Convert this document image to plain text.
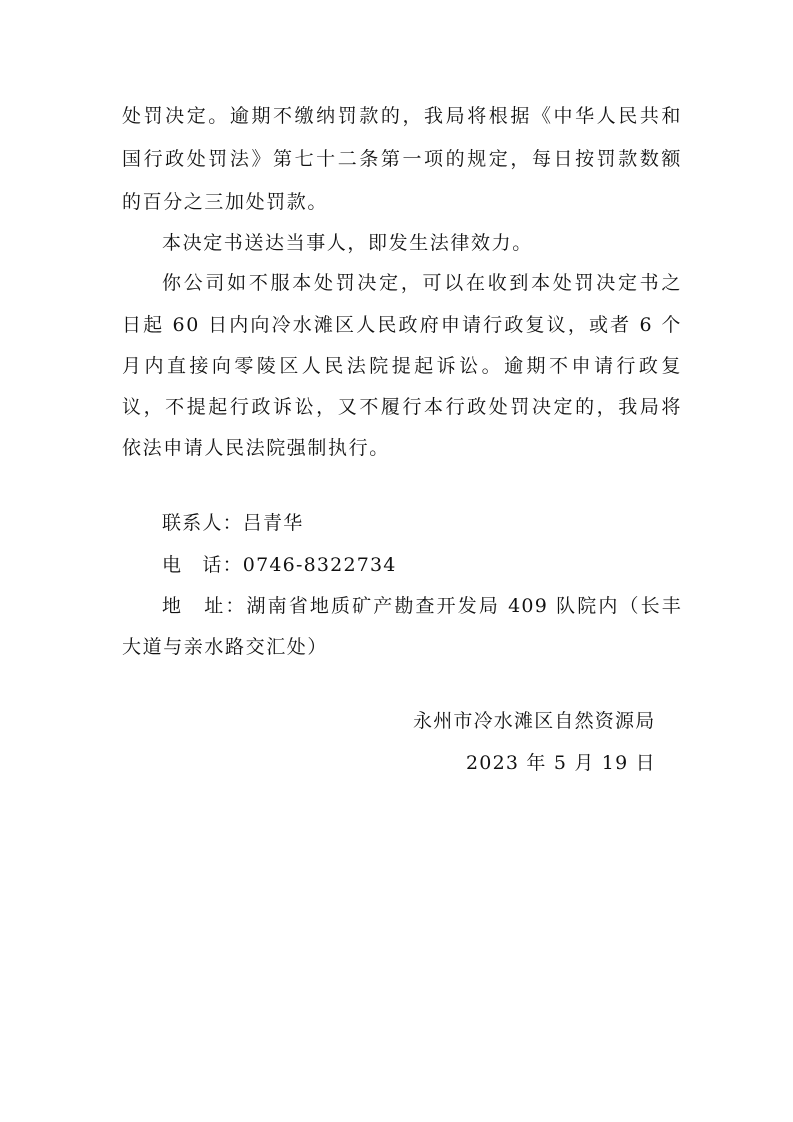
处罚决定。逾期不缴纳罚款的，我局将根据《中华人民共和
国行政处罚法》第七十二条第一项的规定，每日按罚款数额
的百分之三加处罚款。
本决定书送达当事人，即发生法律效力。
你公司如不服本处罚决定，可以在收到本处罚决定书之
日起 60 日内向冷水滩区人民政府申请行政复议，或者 6 个
月内直接向零陵区人民法院提起诉讼。逾期不申请行政复
议，不提起行政诉讼，又不履行本行政处罚决定的，我局将
依法申请人民法院强制执行。
联系人：吕青华
电　话：0746-8322734
地　址：湖南省地质矿产勘查开发局 409 队院内（长丰
大道与亲水路交汇处）
永州市冷水滩区自然资源局
2023 年 5 月 19 日
